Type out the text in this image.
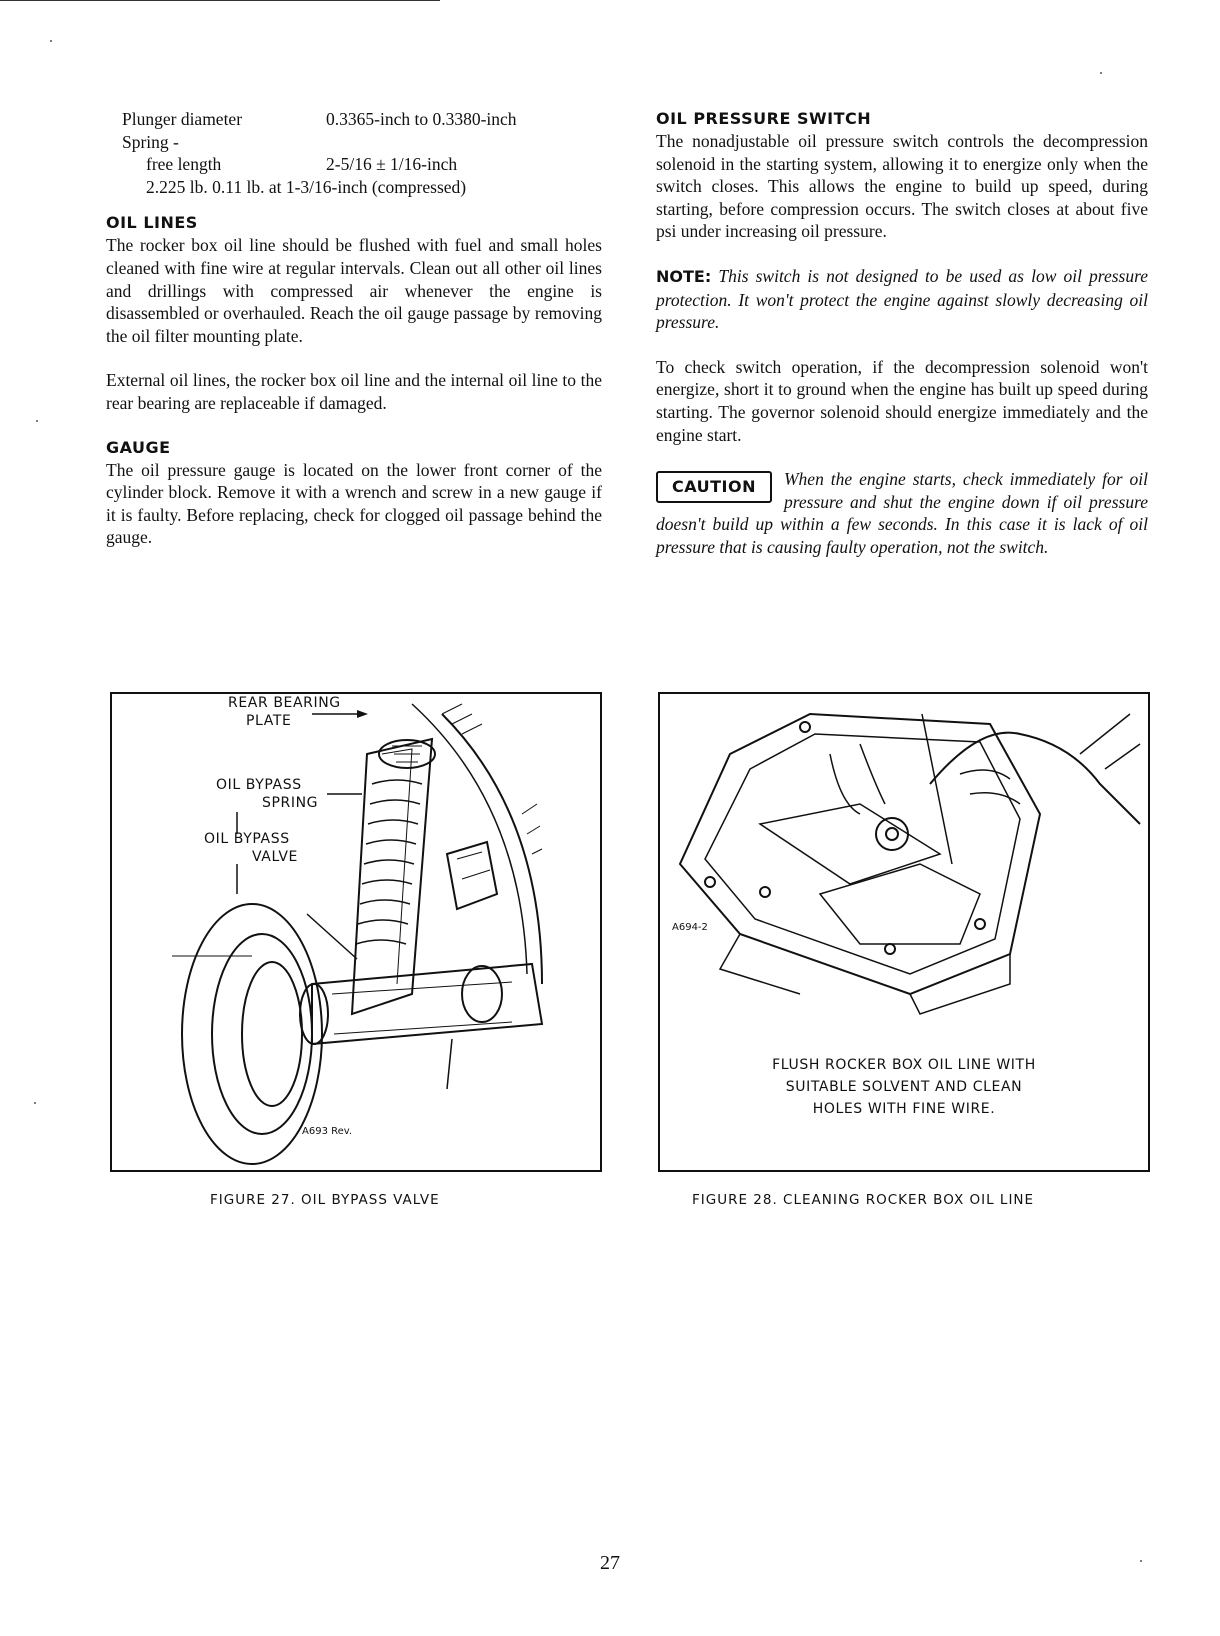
Plunger diameter	0.3365-inch to 0.3380-inch
Spring -
free length	2-5/16 ± 1/16-inch
2.225 lb. 0.11 lb. at 1-3/16-inch (compressed)
OIL LINES

The rocker box oil line should be flushed with fuel and small holes cleaned with fine wire at regular intervals. Clean out all other oil lines and drillings with compressed air whenever the engine is disassembled or overhauled. Reach the oil gauge passage by removing the oil filter mounting plate.

External oil lines, the rocker box oil line and the internal oil line to the rear bearing are replaceable if damaged.

GAUGE

The oil pressure gauge is located on the lower front corner of the cylinder block. Remove it with a wrench and screw in a new gauge if it is faulty. Before replacing, check for clogged oil passage behind the gauge.

OIL PRESSURE SWITCH

The nonadjustable oil pressure switch controls the decompression solenoid in the starting system, allowing it to energize only when the switch closes. This allows the engine to build up speed, during starting, before compression occurs. The switch closes at about five psi under increasing oil pressure.

NOTE: This switch is not designed to be used as low oil pressure protection. It won't protect the engine against slowly decreasing oil pressure.

To check switch operation, if the decompression solenoid won't energize, short it to ground when the engine has built up speed during starting. The governor solenoid should energize immediately and the engine start.

CAUTION	When the engine starts, check immediately for oil pressure and shut the engine down if oil pressure doesn't build up within a few seconds. In this case it is lack of oil pressure that is causing faulty operation, not the switch.
REAR BEARING
PLATE
OIL BYPASS
SPRING
OIL BYPASS
VALVE
A693 Rev.
FIGURE 27. OIL BYPASS VALVE
A694-2
FLUSH ROCKER BOX OIL LINE WITH
SUITABLE SOLVENT AND CLEAN
HOLES WITH FINE WIRE.
FIGURE 28. CLEANING ROCKER BOX OIL LINE
27
